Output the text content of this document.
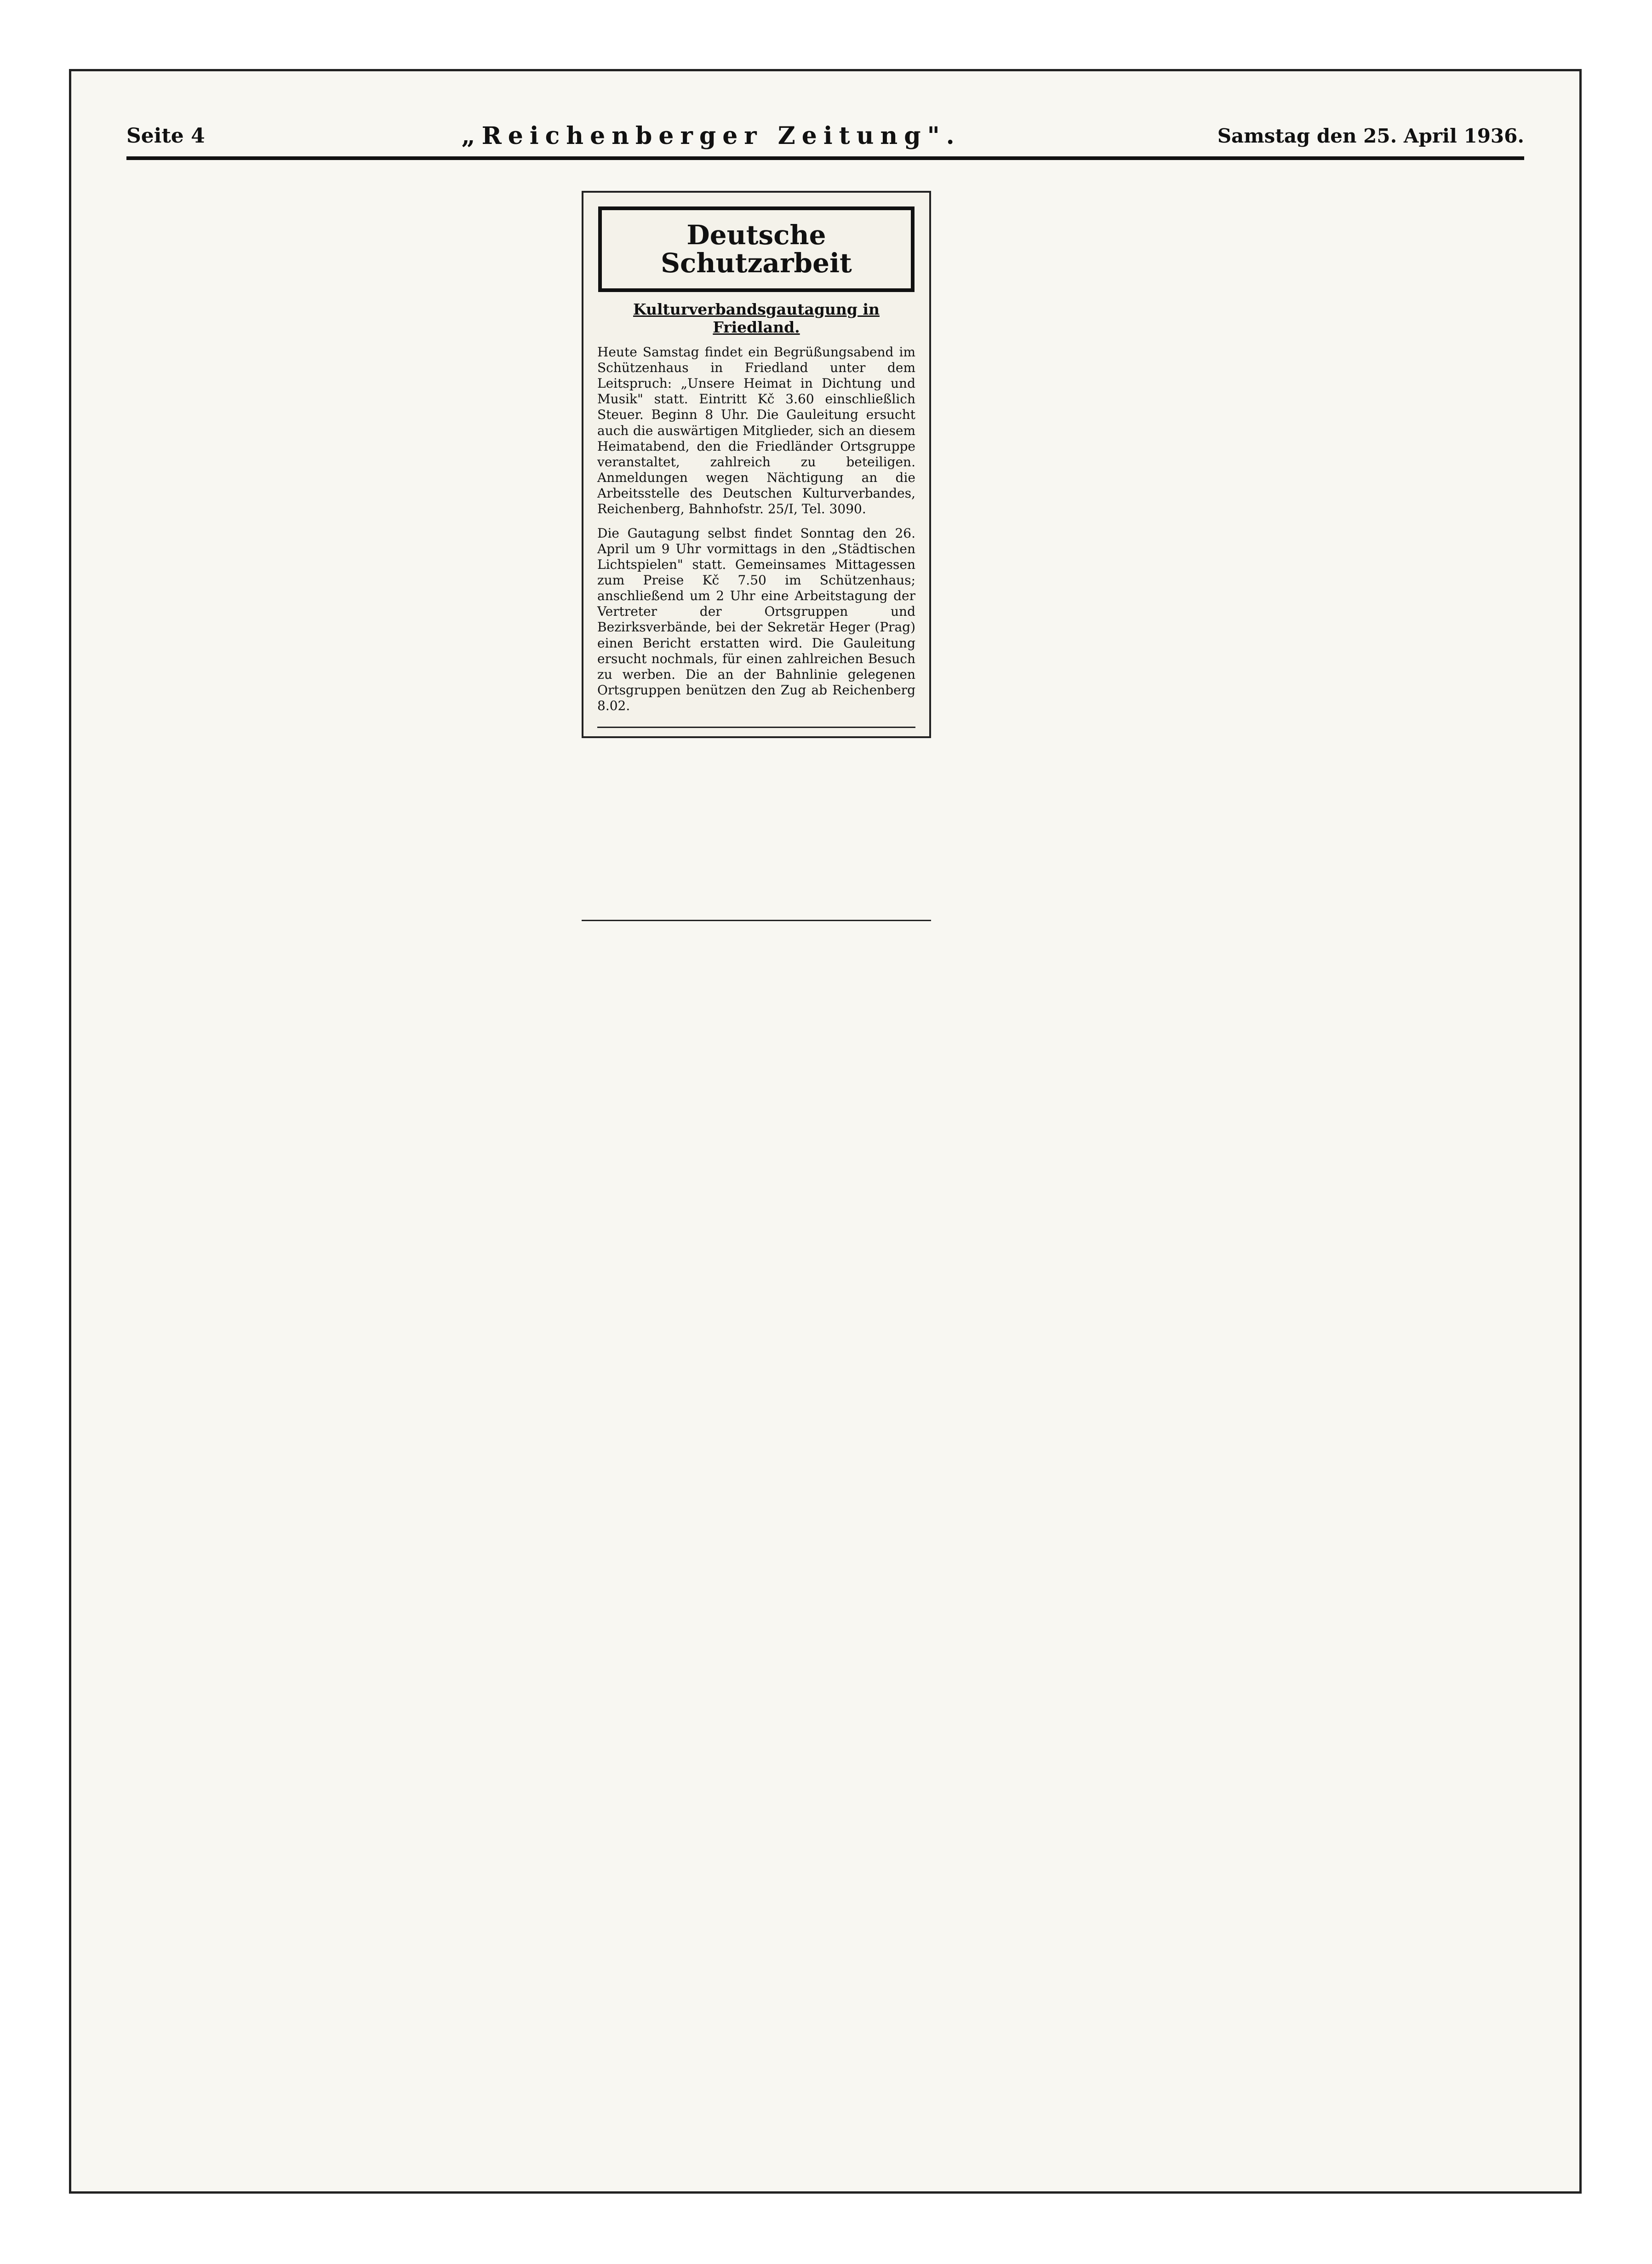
Seite 4	„Reichenberger Zeitung".	Samstag den 25. April 1936.
Deutsche Schutzarbeit
Kulturverbandsgautagung in Friedland.

Heute Samstag findet ein Begrüßungsabend im Schützenhaus in Friedland unter dem Leitspruch: „Unsere Heimat in Dichtung und Musik" statt. Eintritt Kč 3.60 einschließlich Steuer. Beginn 8 Uhr. Die Gauleitung ersucht auch die auswärtigen Mitglieder, sich an diesem Heimatabend, den die Friedländer Ortsgruppe veranstaltet, zahlreich zu beteiligen. Anmeldungen wegen Nächtigung an die Arbeitsstelle des Deutschen Kulturverbandes, Reichenberg, Bahnhofstr. 25/I, Tel. 3090.

Die Gautagung selbst findet Sonntag den 26. April um 9 Uhr vormittags in den „Städtischen Lichtspielen" statt. Gemeinsames Mittagessen zum Preise Kč 7.50 im Schützenhaus; anschließend um 2 Uhr eine Arbeitstagung der Vertreter der Ortsgruppen und Bezirksverbände, bei der Sekretär Heger (Prag) einen Bericht erstatten wird. Die Gauleitung ersucht nochmals, für einen zahlreichen Besuch zu werben. Die an der Bahnlinie gelegenen Ortsgruppen benützen den Zug ab Reichenberg 8.02.
